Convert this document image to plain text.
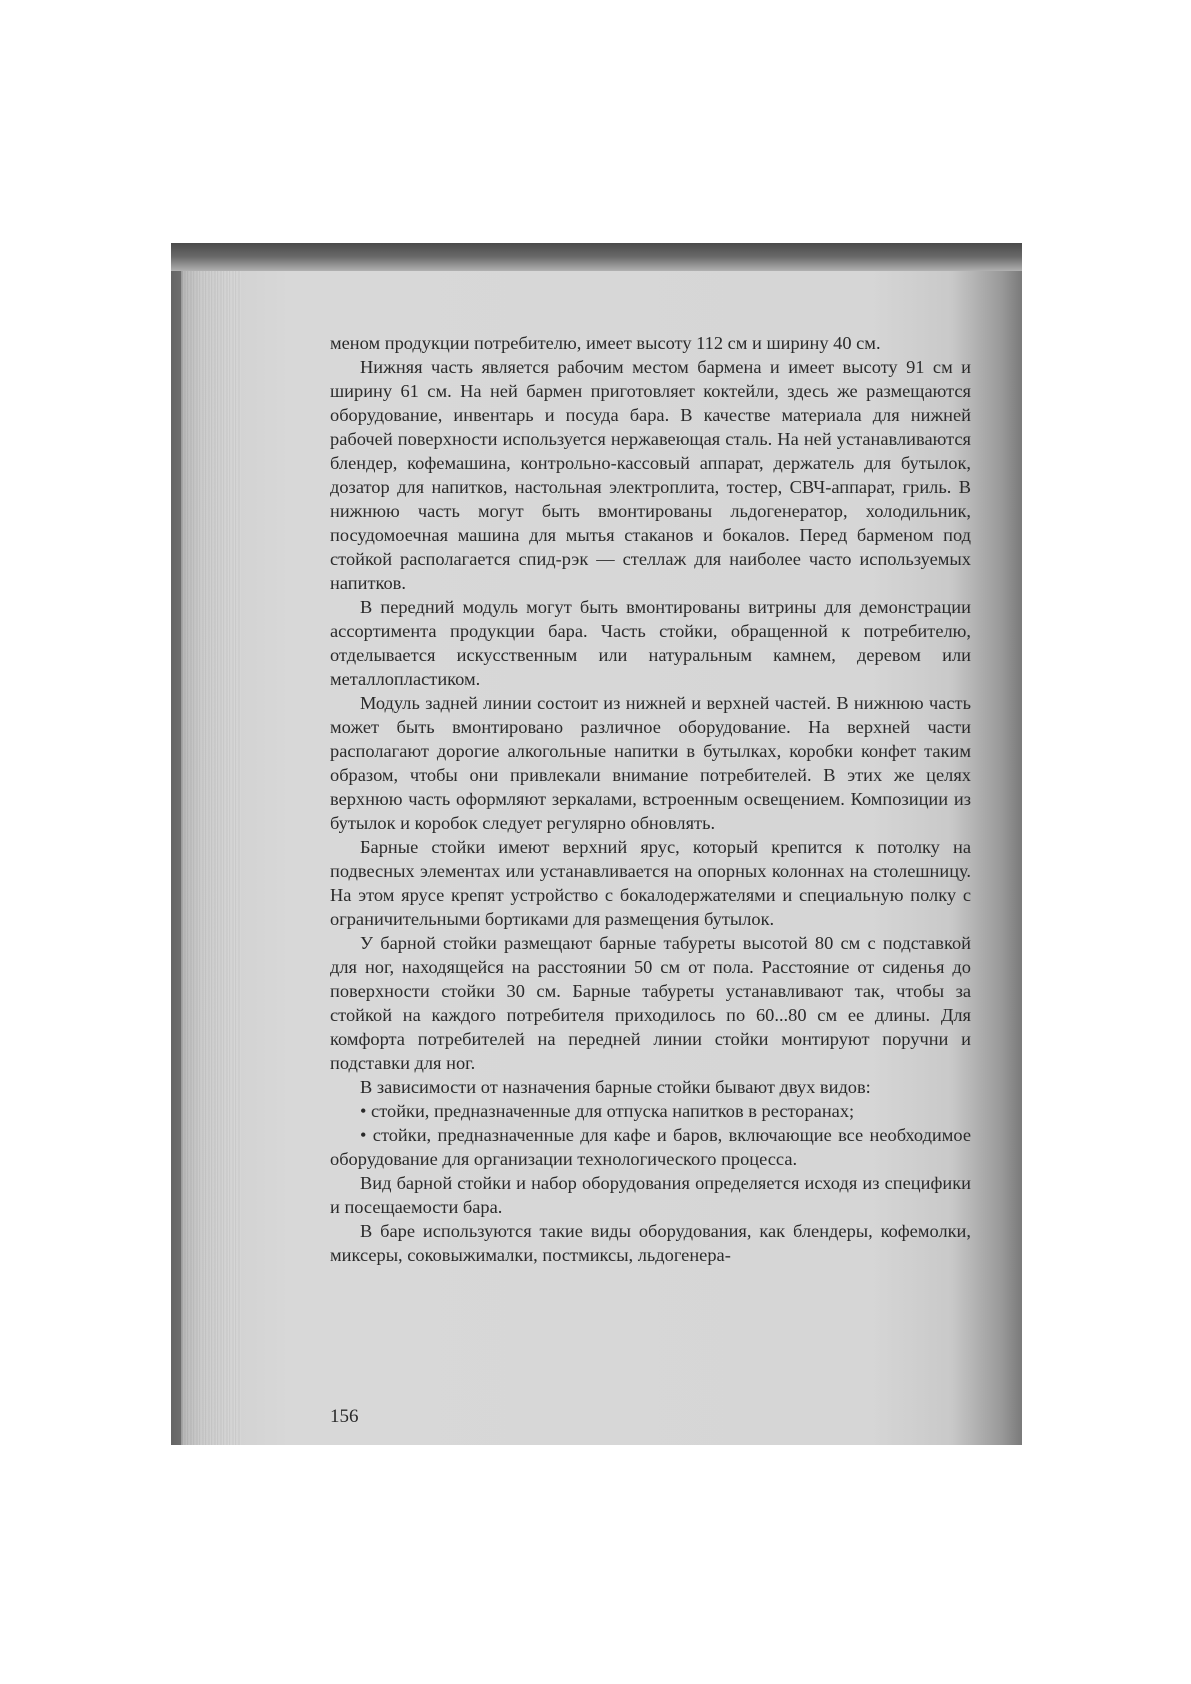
меном продукции потребителю, имеет высоту 112 см и ширину 40 см.

Нижняя часть является рабочим местом бармена и имеет высоту 91 см и ширину 61 см. На ней бармен приготовляет коктейли, здесь же размещаются оборудование, инвентарь и посуда бара. В качестве материала для нижней рабочей поверхности используется нержавеющая сталь. На ней устанавливаются блендер, кофемашина, контрольно-кассовый аппарат, держатель для бутылок, дозатор для напитков, настольная электроплита, тостер, СВЧ-аппарат, гриль. В нижнюю часть могут быть вмонтированы льдогенератор, холодильник, посудомоечная машина для мытья стаканов и бокалов. Перед барменом под стойкой располагается спид-рэк — стеллаж для наиболее часто используемых напитков.

В передний модуль могут быть вмонтированы витрины для демонстрации ассортимента продукции бара. Часть стойки, обращенной к потребителю, отделывается искусственным или натуральным камнем, деревом или металлопластиком.

Модуль задней линии состоит из нижней и верхней частей. В нижнюю часть может быть вмонтировано различное оборудование. На верхней части располагают дорогие алкогольные напитки в бутылках, коробки конфет таким образом, чтобы они привлекали внимание потребителей. В этих же целях верхнюю часть оформляют зеркалами, встроенным освещением. Композиции из бутылок и коробок следует регулярно обновлять.

Барные стойки имеют верхний ярус, который крепится к потолку на подвесных элементах или устанавливается на опорных колоннах на столешницу. На этом ярусе крепят устройство с бокалодержателями и специальную полку с ограничительными бортиками для размещения бутылок.

У барной стойки размещают барные табуреты высотой 80 см с подставкой для ног, находящейся на расстоянии 50 см от пола. Расстояние от сиденья до поверхности стойки 30 см. Барные табуреты устанавливают так, чтобы за стойкой на каждого потребителя приходилось по 60...80 см ее длины. Для комфорта потребителей на передней линии стойки монтируют поручни и подставки для ног.

В зависимости от назначения барные стойки бывают двух видов:

• стойки, предназначенные для отпуска напитков в ресторанах;

• стойки, предназначенные для кафе и баров, включающие все необходимое оборудование для организации технологического процесса.

Вид барной стойки и набор оборудования определяется исходя из специфики и посещаемости бара.

В баре используются такие виды оборудования, как блендеры, кофемолки, миксеры, соковыжималки, постмиксы, льдогенера-

156
